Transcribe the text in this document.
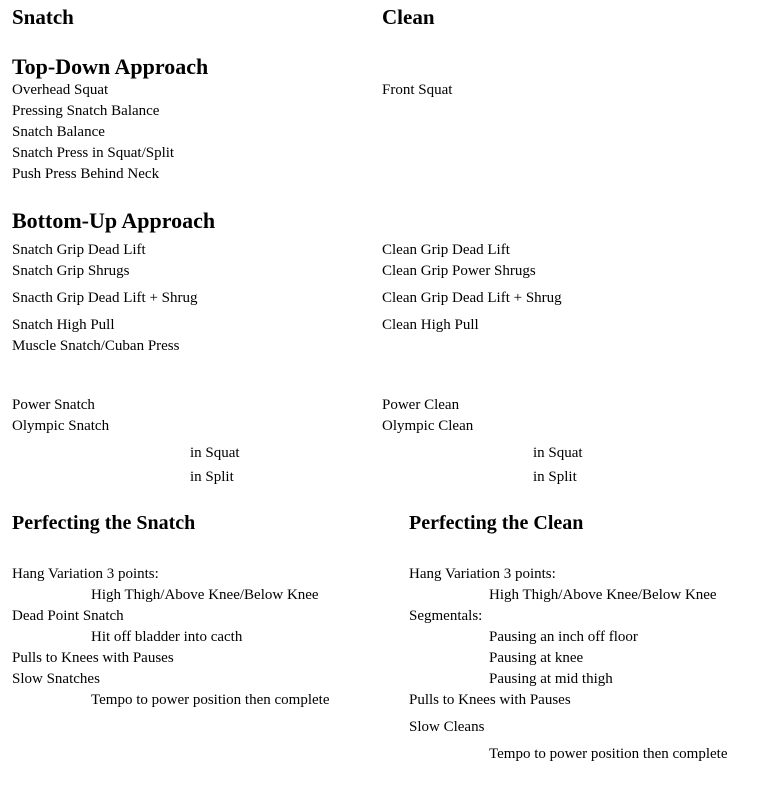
Snatch	Clean
Top-Down Approach
Overhead Squat
Pressing Snatch Balance
Snatch Balance
Snatch Press in Squat/Split
Push Press Behind Neck
Front Squat
Bottom-Up Approach
Snatch Grip Dead Lift
Snatch Grip Shrugs
Snacth Grip Dead Lift + Shrug
Snatch High Pull
Muscle Snatch/Cuban Press
Clean Grip Dead Lift
Clean Grip Power Shrugs
Clean Grip Dead Lift + Shrug
Clean High Pull
Power Snatch
Olympic Snatch
Power Clean
Olympic Clean
in Squat
in Split
in Squat
in Split
Perfecting the Snatch
Hang Variation 3 points:
High Thigh/Above Knee/Below Knee
Dead Point Snatch
Hit off bladder into cacth
Pulls to Knees with Pauses
Slow Snatches
Tempo to power position then complete
Perfecting the Clean
Hang Variation 3 points:
High Thigh/Above Knee/Below Knee
Segmentals:
Pausing an inch off floor
Pausing at knee
Pausing at mid thigh
Pulls to Knees with Pauses
Slow Cleans
Tempo to power position then complete
